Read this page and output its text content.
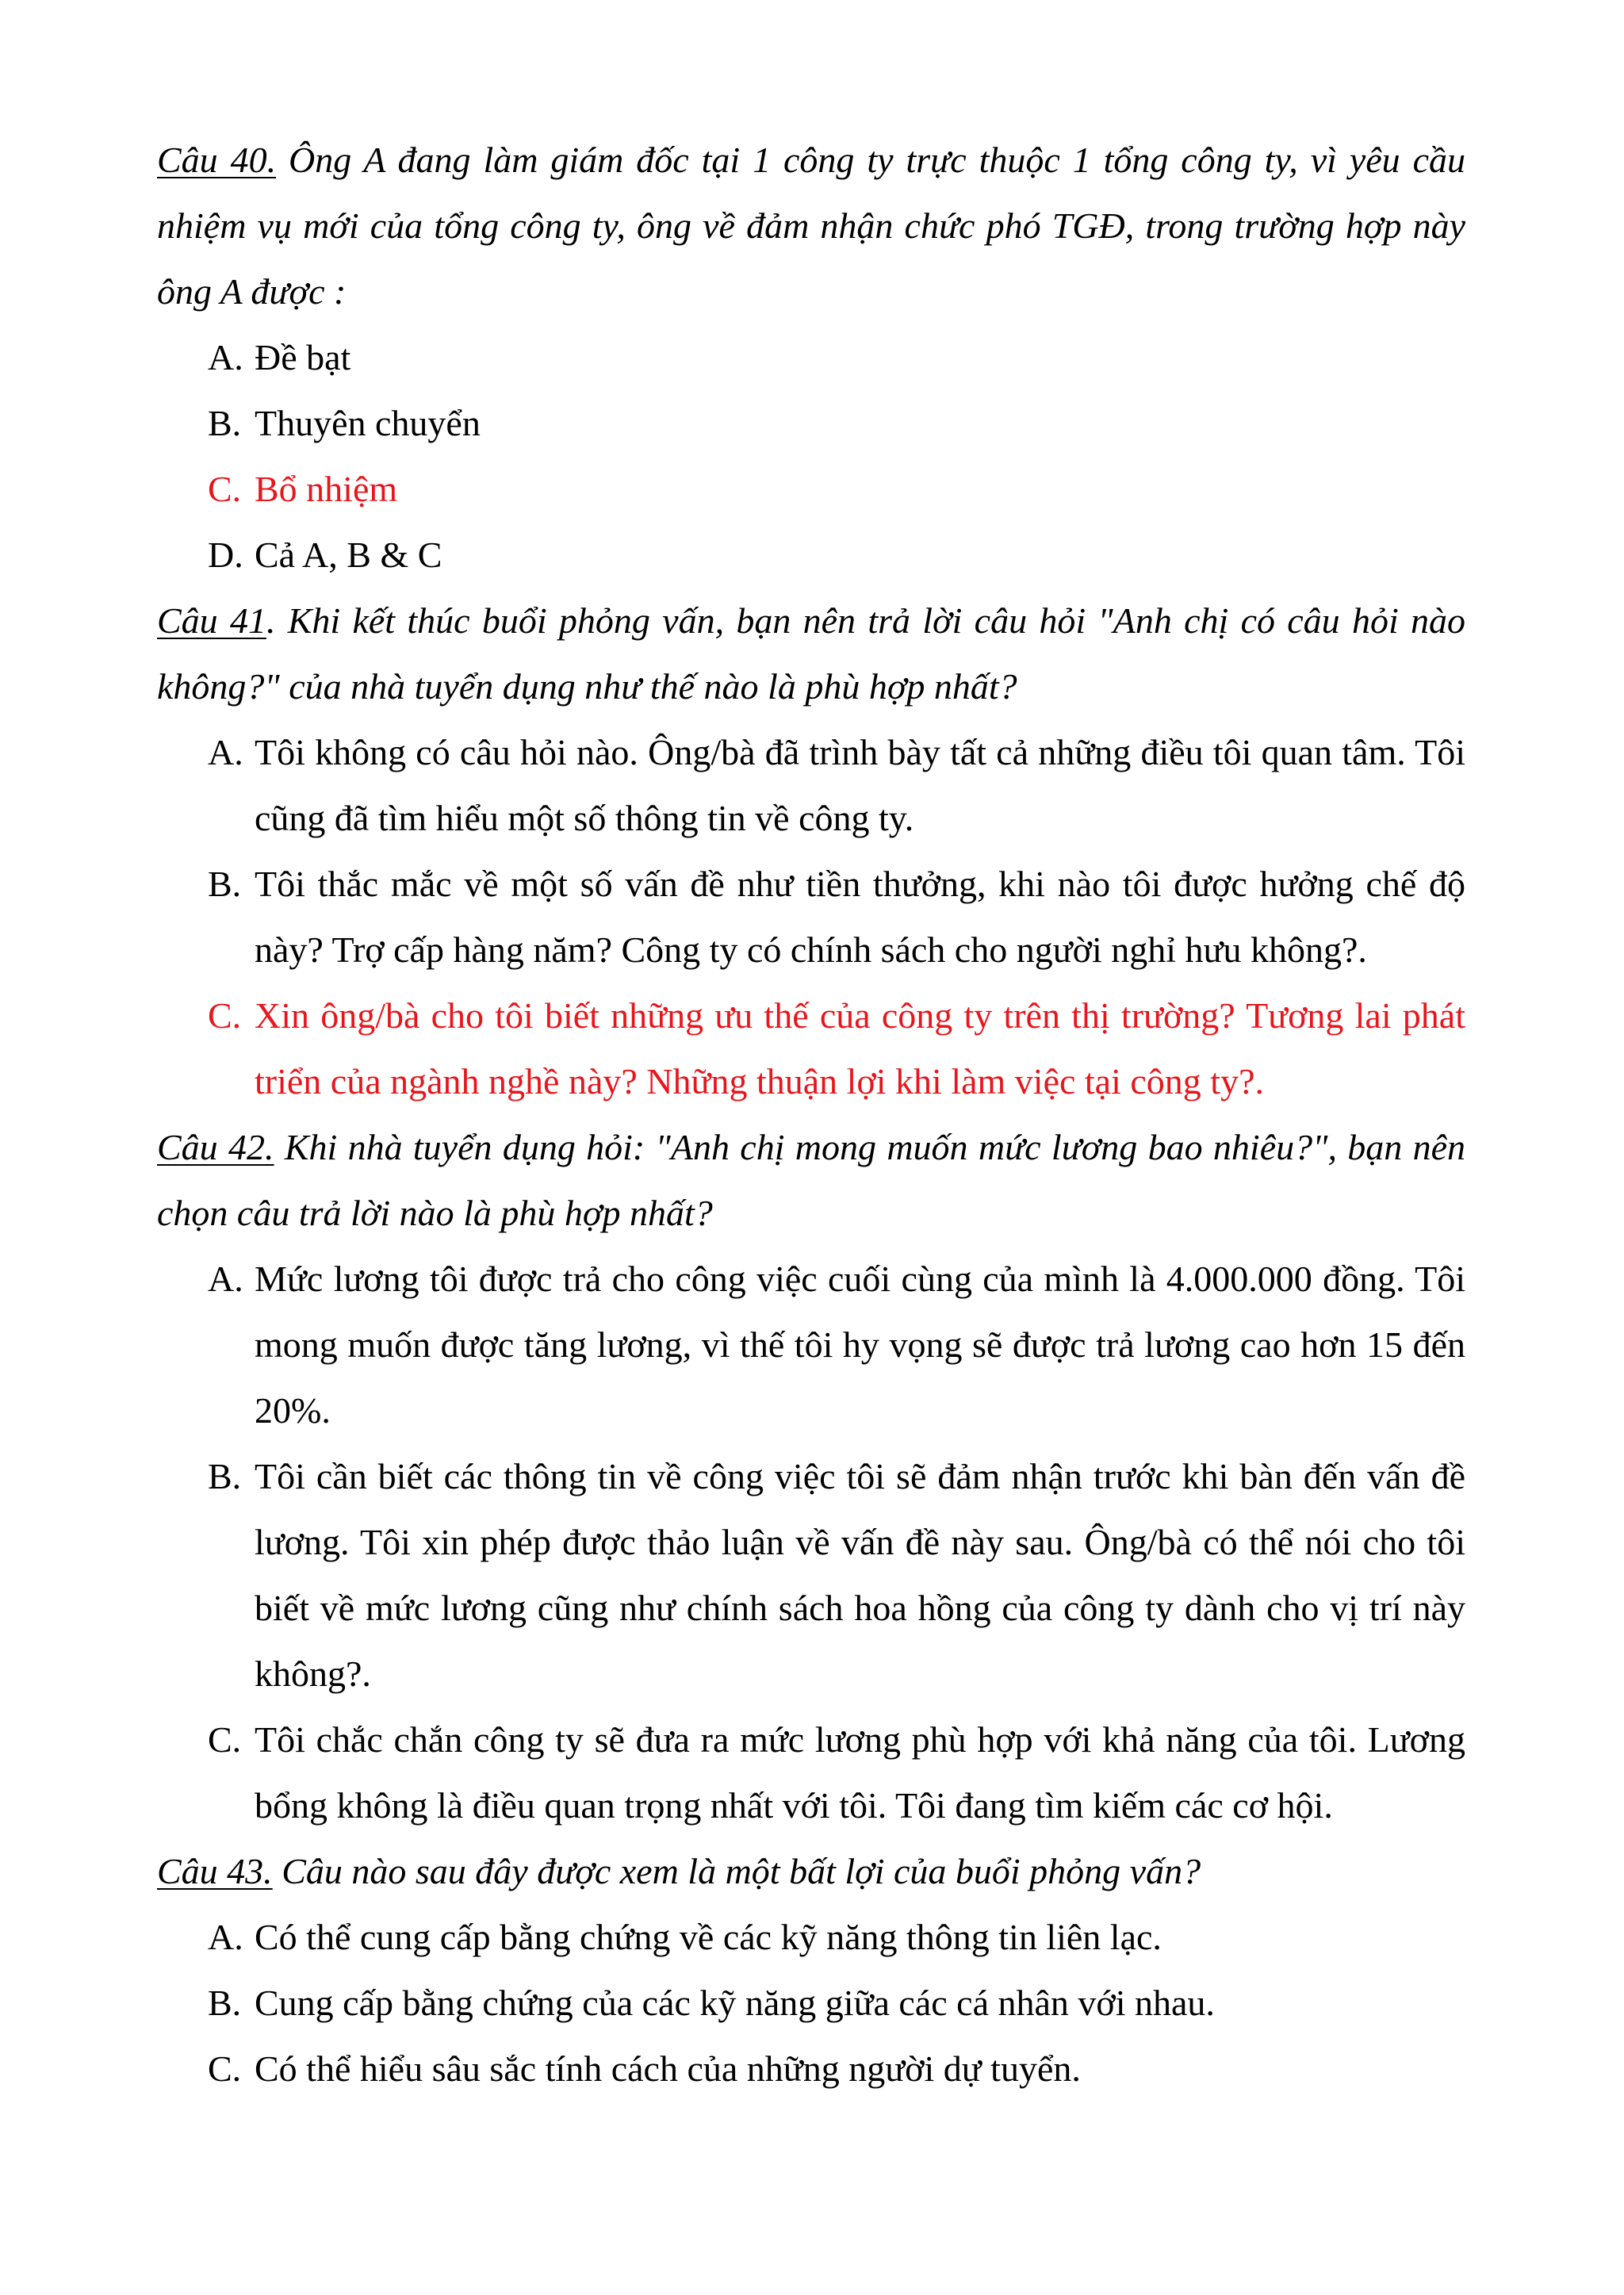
Câu 40. Ông A đang làm giám đốc tại 1 công ty trực thuộc 1 tổng công ty, vì yêu cầu nhiệm vụ mới của tổng công ty, ông về đảm nhận chức phó TGĐ, trong trường hợp này ông A được :
A. Đề bạt
B. Thuyên chuyển
C. Bổ nhiệm
D. Cả A, B & C
Câu 41. Khi kết thúc buổi phỏng vấn, bạn nên trả lời câu hỏi "Anh chị có câu hỏi nào không?" của nhà tuyển dụng như thế nào là phù hợp nhất?
A. Tôi không có câu hỏi nào. Ông/bà đã trình bày tất cả những điều tôi quan tâm. Tôi cũng đã tìm hiểu một số thông tin về công ty.
B. Tôi thắc mắc về một số vấn đề như tiền thưởng, khi nào tôi được hưởng chế độ này? Trợ cấp hàng năm? Công ty có chính sách cho người nghỉ hưu không?.
C. Xin ông/bà cho tôi biết những ưu thế của công ty trên thị trường? Tương lai phát triển của ngành nghề này? Những thuận lợi khi làm việc tại công ty?.
Câu 42. Khi nhà tuyển dụng hỏi: "Anh chị mong muốn mức lương bao nhiêu?", bạn nên chọn câu trả lời nào là phù hợp nhất?
A. Mức lương tôi được trả cho công việc cuối cùng của mình là 4.000.000 đồng. Tôi mong muốn được tăng lương, vì thế tôi hy vọng sẽ được trả lương cao hơn 15 đến 20%.
B. Tôi cần biết các thông tin về công việc tôi sẽ đảm nhận trước khi bàn đến vấn đề lương. Tôi xin phép được thảo luận về vấn đề này sau. Ông/bà có thể nói cho tôi biết về mức lương cũng như chính sách hoa hồng của công ty dành cho vị trí này không?.
C. Tôi chắc chắn công ty sẽ đưa ra mức lương phù hợp với khả năng của tôi. Lương bổng không là điều quan trọng nhất với tôi. Tôi đang tìm kiếm các cơ hội.
Câu 43. Câu nào sau đây được xem là một bất lợi của buổi phỏng vấn?
A. Có thể cung cấp bằng chứng về các kỹ năng thông tin liên lạc.
B. Cung cấp bằng chứng của các kỹ năng giữa các cá nhân với nhau.
C. Có thể hiểu sâu sắc tính cách của những người dự tuyển.
